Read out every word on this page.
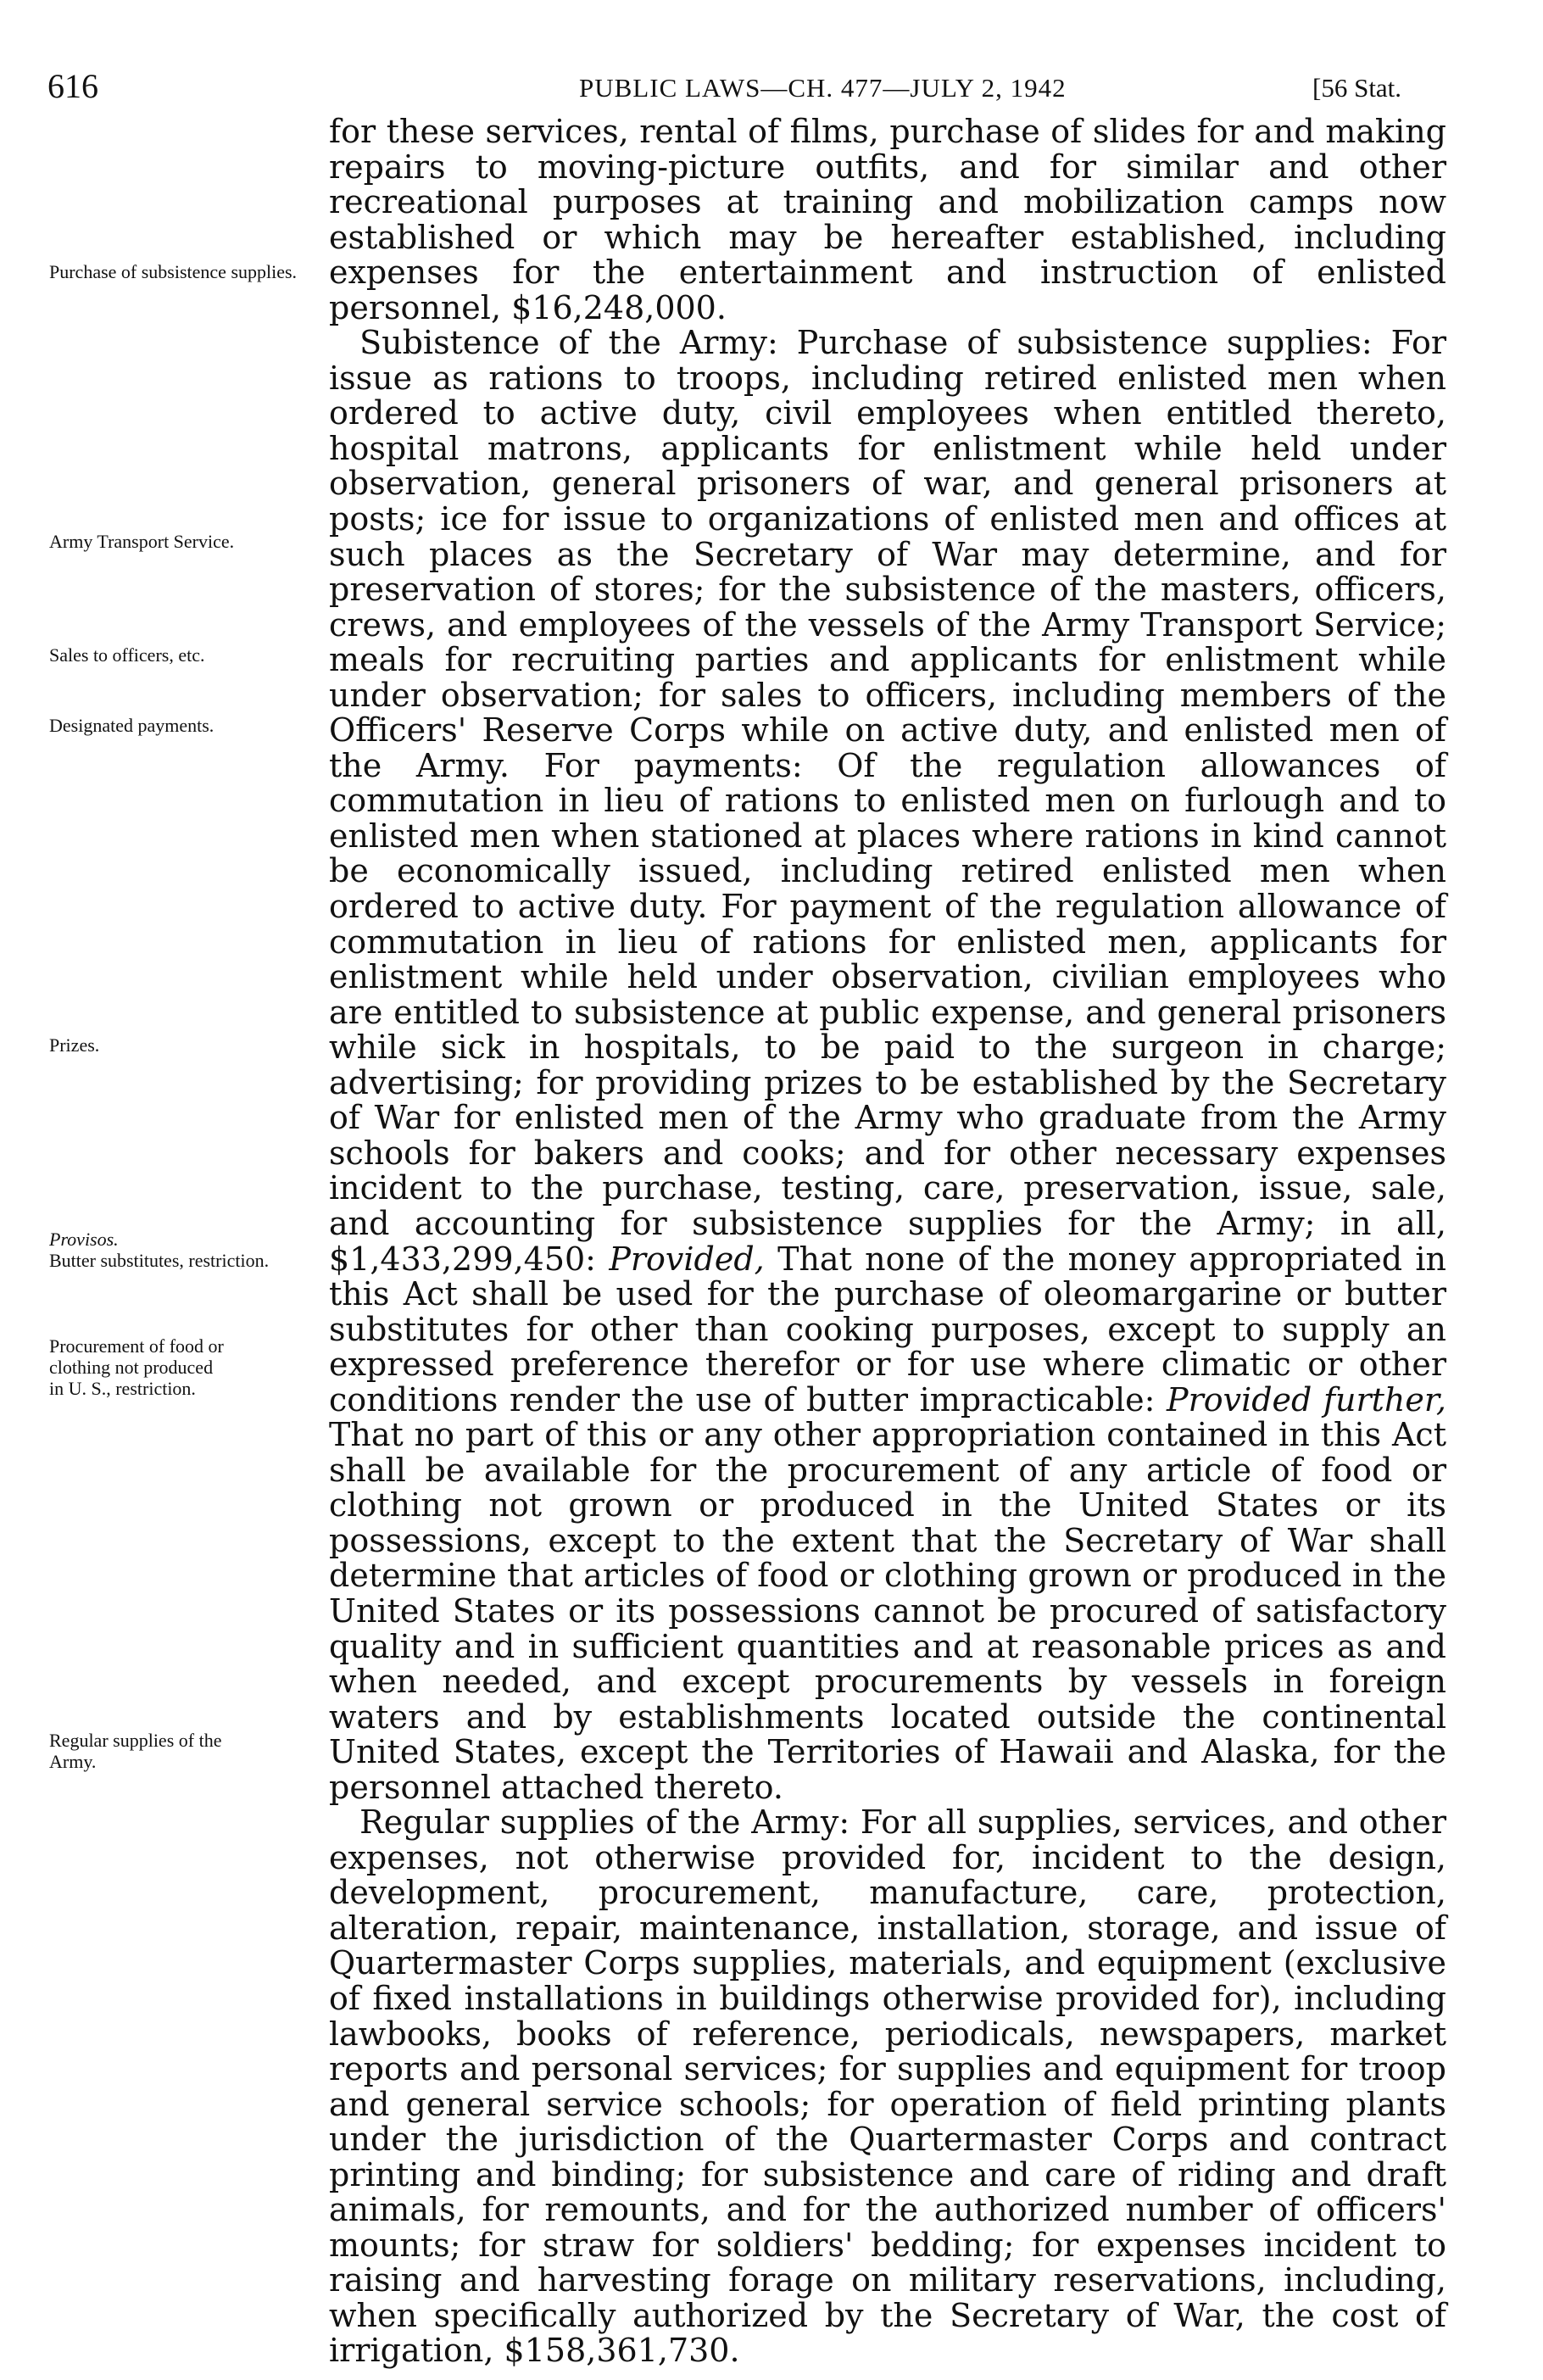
616	PUBLIC LAWS—CH. 477—JULY 2, 1942	[56 Stat.

Purchase of subsistence supplies.

Army Transport Service.

Sales to officers, etc.

Designated payments.

Prizes.

Provisos.
Butter substitutes, restriction.

Procurement of food or clothing not produced in U. S., restriction.

Regular supplies of the Army.

for these services, rental of films, purchase of slides for and making repairs to moving-picture outfits, and for similar and other recreational purposes at training and mobilization camps now established or which may be hereafter established, including expenses for the entertainment and instruction of enlisted personnel, $16,248,000.

Subistence of the Army: Purchase of subsistence supplies: For issue as rations to troops, including retired enlisted men when ordered to active duty, civil employees when entitled thereto, hospital matrons, applicants for enlistment while held under observation, general prisoners of war, and general prisoners at posts; ice for issue to organizations of enlisted men and offices at such places as the Secretary of War may determine, and for preservation of stores; for the subsistence of the masters, officers, crews, and employees of the vessels of the Army Transport Service; meals for recruiting parties and applicants for enlistment while under observation; for sales to officers, including members of the Officers' Reserve Corps while on active duty, and enlisted men of the Army. For payments: Of the regulation allowances of commutation in lieu of rations to enlisted men on furlough and to enlisted men when stationed at places where rations in kind cannot be economically issued, including retired enlisted men when ordered to active duty. For payment of the regulation allowance of commutation in lieu of rations for enlisted men, applicants for enlistment while held under observation, civilian employees who are entitled to subsistence at public expense, and general prisoners while sick in hospitals, to be paid to the surgeon in charge; advertising; for providing prizes to be established by the Secretary of War for enlisted men of the Army who graduate from the Army schools for bakers and cooks; and for other necessary expenses incident to the purchase, testing, care, preservation, issue, sale, and accounting for subsistence supplies for the Army; in all, $1,433,299,450: Provided, That none of the money appropriated in this Act shall be used for the purchase of oleomargarine or butter substitutes for other than cooking purposes, except to supply an expressed preference therefor or for use where climatic or other conditions render the use of butter impracticable: Provided further, That no part of this or any other appropriation contained in this Act shall be available for the procurement of any article of food or clothing not grown or produced in the United States or its possessions, except to the extent that the Secretary of War shall determine that articles of food or clothing grown or produced in the United States or its possessions cannot be procured of satisfactory quality and in sufficient quantities and at reasonable prices as and when needed, and except procurements by vessels in foreign waters and by establishments located outside the continental United States, except the Territories of Hawaii and Alaska, for the personnel attached thereto.

Regular supplies of the Army: For all supplies, services, and other expenses, not otherwise provided for, incident to the design, development, procurement, manufacture, care, protection, alteration, repair, maintenance, installation, storage, and issue of Quartermaster Corps supplies, materials, and equipment (exclusive of fixed installations in buildings otherwise provided for), including lawbooks, books of reference, periodicals, newspapers, market reports and personal services; for supplies and equipment for troop and general service schools; for operation of field printing plants under the jurisdiction of the Quartermaster Corps and contract printing and binding; for subsistence and care of riding and draft animals, for remounts, and for the authorized number of officers' mounts; for straw for soldiers' bedding; for expenses incident to raising and harvesting forage on military reservations, including, when specifically authorized by the Secretary of War, the cost of irrigation, $158,361,730.
